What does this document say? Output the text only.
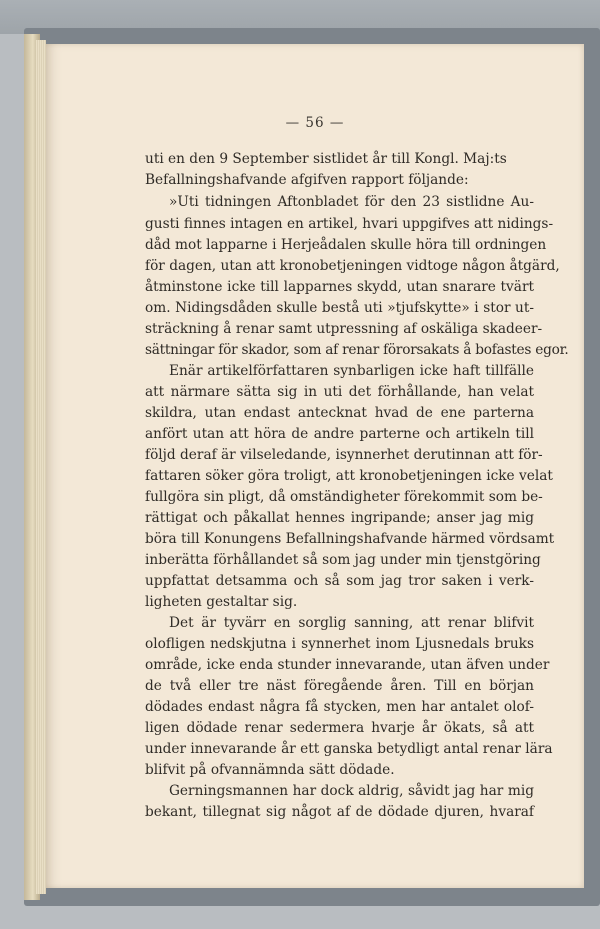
— 56 —

uti en den 9 September sistlidet år till Kongl. Maj:ts

Befallningshafvande afgifven rapport följande:

»Uti tidningen Aftonbladet för den 23 sistlidne Au-

gusti finnes intagen en artikel, hvari uppgifves att nidings-

dåd mot lapparne i Herjeådalen skulle höra till ordningen

för dagen, utan att kronobetjeningen vidtoge någon åtgärd,

åtminstone icke till lapparnes skydd, utan snarare tvärt

om. Nidingsdåden skulle bestå uti »tjufskytte» i stor ut-

sträckning å renar samt utpressning af oskäliga skadeer-

sättningar för skador, som af renar förorsakats å bofastes egor.

Enär artikelförfattaren synbarligen icke haft tillfälle

att närmare sätta sig in uti det förhållande, han velat

skildra, utan endast antecknat hvad de ene parterna

anfört utan att höra de andre parterne och artikeln till

följd deraf är vilseledande, isynnerhet derutinnan att för-

fattaren söker göra troligt, att kronobetjeningen icke velat

fullgöra sin pligt, då omständigheter förekommit som be-

rättigat och påkallat hennes ingripande; anser jag mig

böra till Konungens Befallningshafvande härmed vördsamt

inberätta förhållandet så som jag under min tjenstgöring

uppfattat detsamma och så som jag tror saken i verk-

ligheten gestaltar sig.

Det är tyvärr en sorglig sanning, att renar blifvit

olofligen nedskjutna i synnerhet inom Ljusnedals bruks

område, icke enda stunder innevarande, utan äfven under

de två eller tre näst föregående åren. Till en början

dödades endast några få stycken, men har antalet olof-

ligen dödade renar sedermera hvarje år ökats, så att

under innevarande år ett ganska betydligt antal renar lära

blifvit på ofvannämnda sätt dödade.

Gerningsmannen har dock aldrig, såvidt jag har mig

bekant, tillegnat sig något af de dödade djuren, hvaraf
